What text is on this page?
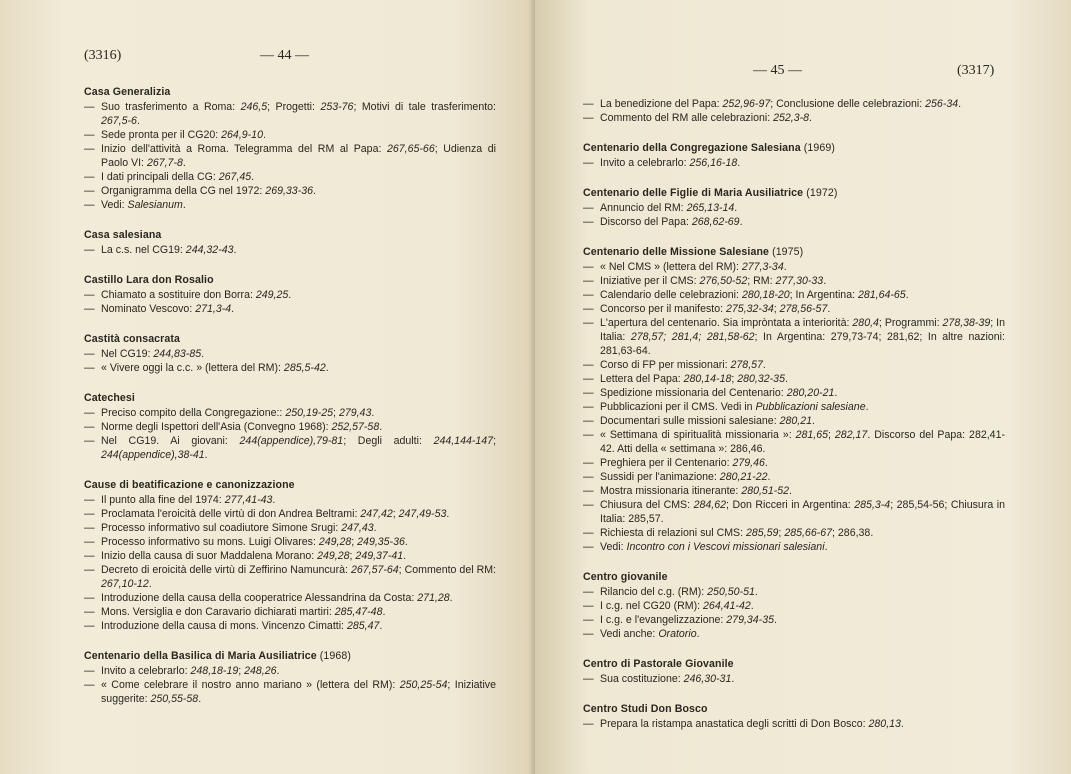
(3316)	— 44 —
Casa Generalizia
— Suo trasferimento a Roma: 246,5; Progetti: 253-76; Motivi di tale trasferimento: 267,5-6.
— Sede pronta per il CG20: 264,9-10.
— Inizio dell'attività a Roma. Telegramma del RM al Papa: 267,65-66; Udienza di Paolo VI: 267,7-8.
— I dati principali della CG: 267,45.
— Organigramma della CG nel 1972: 269,33-36.
— Vedi: Salesianum.
Casa salesiana
— La c.s. nel CG19: 244,32-43.
Castillo Lara don Rosalio
— Chiamato a sostituire don Borra: 249,25.
— Nominato Vescovo: 271,3-4.
Castità consacrata
— Nel CG19: 244,83-85.
— « Vivere oggi la c.c. » (lettera del RM): 285,5-42.
Catechesi
— Preciso compito della Congregazione:: 250,19-25; 279,43.
— Norme degli Ispettori dell'Asia (Convegno 1968): 252,57-58.
— Nel CG19. Ai giovani: 244(appendice),79-81; Degli adulti: 244,144-147; 244(appendice),38-41.
Cause di beatificazione e canonizzazione
— Il punto alla fine del 1974: 277,41-43.
— Proclamata l'eroicità delle virtù di don Andrea Beltrami: 247,42; 247,49-53.
— Processo informativo sul coadiutore Simone Srugi: 247,43.
— Processo informativo su mons. Luigi Olivares: 249,28; 249,35-36.
— Inizio della causa di suor Maddalena Morano: 249,28; 249,37-41.
— Decreto di eroicità delle virtù di Zeffirino Namuncurà: 267,57-64; Commento del RM: 267,10-12.
— Introduzione della causa della cooperatrice Alessandrina da Costa: 271,28.
— Mons. Versiglia e don Caravario dichiarati martiri: 285,47-48.
— Introduzione della causa di mons. Vincenzo Cimatti: 285,47.
Centenario della Basilica di Maria Ausiliatrice (1968)
— Invito a celebrarlo: 248,18-19; 248,26.
— « Come celebrare il nostro anno mariano » (lettera del RM): 250,25-54; Iniziative suggerite: 250,55-58.
— 45 —	(3317)
— La benedizione del Papa: 252,96-97; Conclusione delle celebrazioni: 256-34.
— Commento del RM alle celebrazioni: 252,3-8.
Centenario della Congregazione Salesiana (1969)
— Invito a celebrarlo: 256,16-18.
Centenario delle Figlie di Maria Ausiliatrice (1972)
— Annuncio del RM: 265,13-14.
— Discorso del Papa: 268,62-69.
Centenario delle Missione Salesiane (1975)
— « Nel CMS » (lettera del RM): 277,3-34.
— Iniziative per il CMS: 276,50-52; RM: 277,30-33.
— Calendario delle celebrazioni: 280,18-20; In Argentina: 281,64-65.
— Concorso per il manifesto: 275,32-34; 278,56-57.
— L'apertura del centenario. Sia impròntata a interiorità: 280,4; Programmi: 278,38-39; In Italia: 278,57; 281,4; 281,58-62; In Argentina: 279,73-74; 281,62; In altre nazioni: 281,63-64.
— Corso di FP per missionari: 278,57.
— Lettera del Papa: 280,14-18; 280,32-35.
— Spedizione missionaria del Centenario: 280,20-21.
— Pubblicazioni per il CMS. Vedi in Pubblicazioni salesiane.
— Documentari sulle missioni salesiane: 280,21.
— « Settimana di spiritualità missionaria »: 281,65; 282,17. Discorso del Papa: 282,41-42. Atti della « settimana »: 286,46.
— Preghiera per il Centenario: 279,46.
— Sussidi per l'animazione: 280,21-22.
— Mostra missionaria itinerante: 280,51-52.
— Chiusura del CMS: 284,62; Don Ricceri in Argentina: 285,3-4; 285,54-56; Chiusura in Italia: 285,57.
— Richiesta di relazioni sul CMS: 285,59; 285,66-67; 286,38.
— Vedi: Incontro con i Vescovi missionari salesiani.
Centro giovanile
— Rilancio del c.g. (RM): 250,50-51.
— I c.g. nel CG20 (RM): 264,41-42.
— I c.g. e l'evangelizzazione: 279,34-35.
— Vedi anche: Oratorio.
Centro di Pastorale Giovanile
— Sua costituzione: 246,30-31.
Centro Studi Don Bosco
— Prepara la ristampa anastatica degli scritti di Don Bosco: 280,13.
